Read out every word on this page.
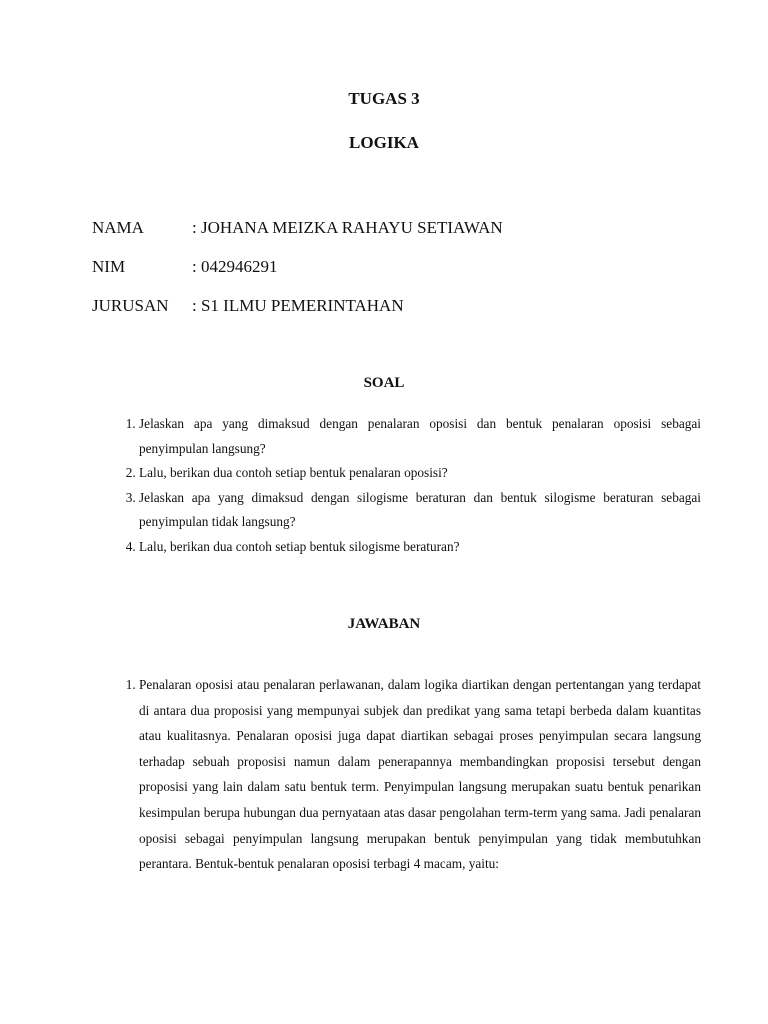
TUGAS 3
LOGIKA
NAMA	: JOHANA MEIZKA RAHAYU SETIAWAN
NIM	: 042946291
JURUSAN : S1 ILMU PEMERINTAHAN
SOAL
1. Jelaskan apa yang dimaksud dengan penalaran oposisi dan bentuk penalaran oposisi sebagai penyimpulan langsung?
2. Lalu, berikan dua contoh setiap bentuk penalaran oposisi?
3. Jelaskan apa yang dimaksud dengan silogisme beraturan dan bentuk silogisme beraturan sebagai penyimpulan tidak langsung?
4. Lalu, berikan dua contoh setiap bentuk silogisme beraturan?
JAWABAN
1. Penalaran oposisi atau penalaran perlawanan, dalam logika diartikan dengan pertentangan yang terdapat di antara dua proposisi yang mempunyai subjek dan predikat yang sama tetapi berbeda dalam kuantitas atau kualitasnya. Penalaran oposisi juga dapat diartikan sebagai proses penyimpulan secara langsung terhadap sebuah proposisi namun dalam penerapannya membandingkan proposisi tersebut dengan proposisi yang lain dalam satu bentuk term. Penyimpulan langsung merupakan suatu bentuk penarikan kesimpulan berupa hubungan dua pernyataan atas dasar pengolahan term-term yang sama. Jadi penalaran oposisi sebagai penyimpulan langsung merupakan bentuk penyimpulan yang tidak membutuhkan perantara. Bentuk-bentuk penalaran oposisi terbagi 4 macam, yaitu:
